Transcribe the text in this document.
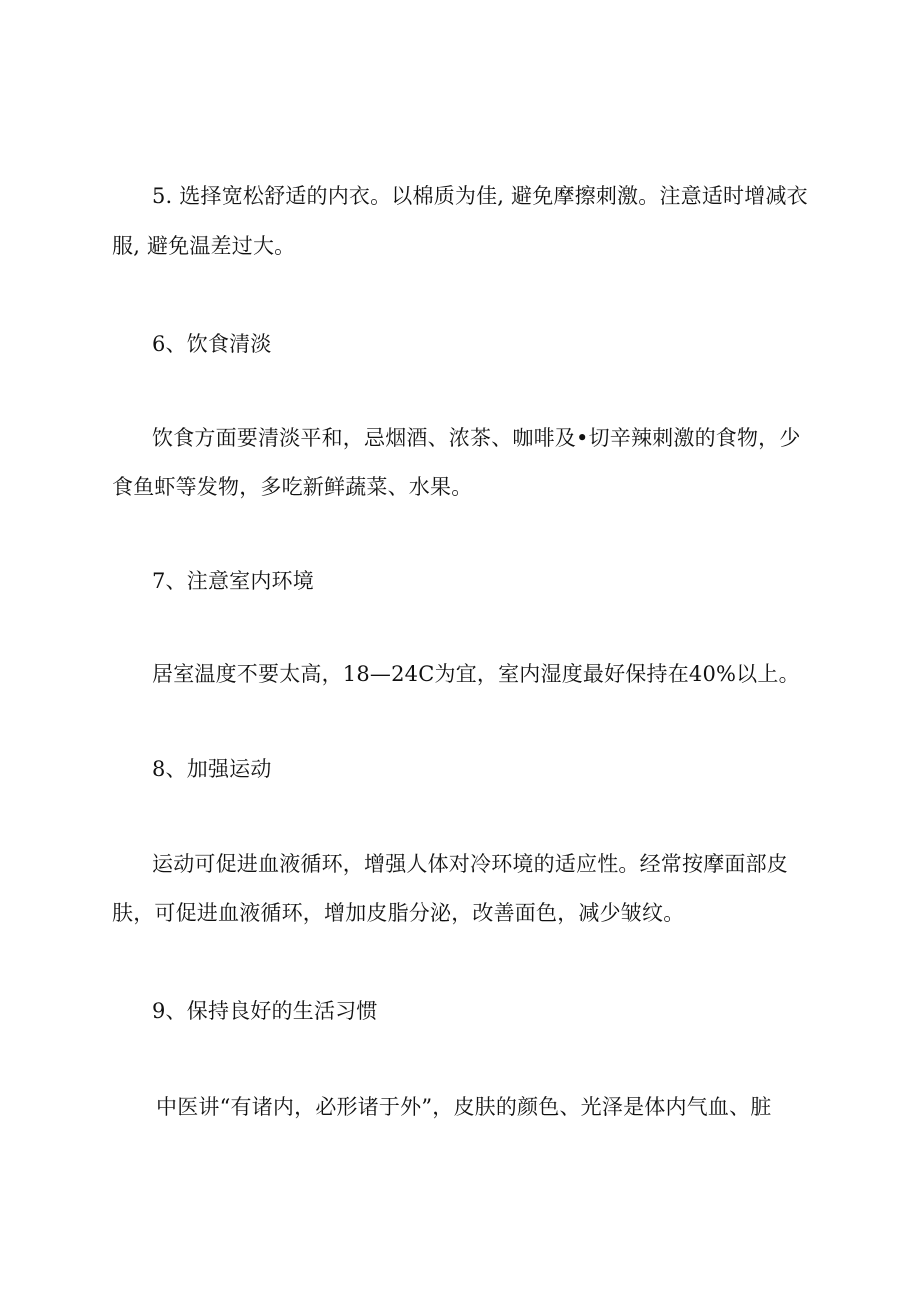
5. 选择宽松舒适的内衣。以棉质为佳, 避免摩擦刺激。注意适时增减衣
服, 避免温差过大。
6、饮食清淡
饮食方面要清淡平和，忌烟酒、浓茶、咖啡及•切辛辣刺激的食物，少
食鱼虾等发物，多吃新鲜蔬菜、水果。
7、注意室内环境
居室温度不要太高，18—24C为宜，室内湿度最好保持在40%以上。
8、加强运动
运动可促进血液循环，增强人体对冷环境的适应性。经常按摩面部皮
肤，可促进血液循环，增加皮脂分泌，改善面色，减少皱纹。
9、保持良好的生活习惯
中医讲“有诸内，必形诸于外”，皮肤的颜色、光泽是体内气血、脏
